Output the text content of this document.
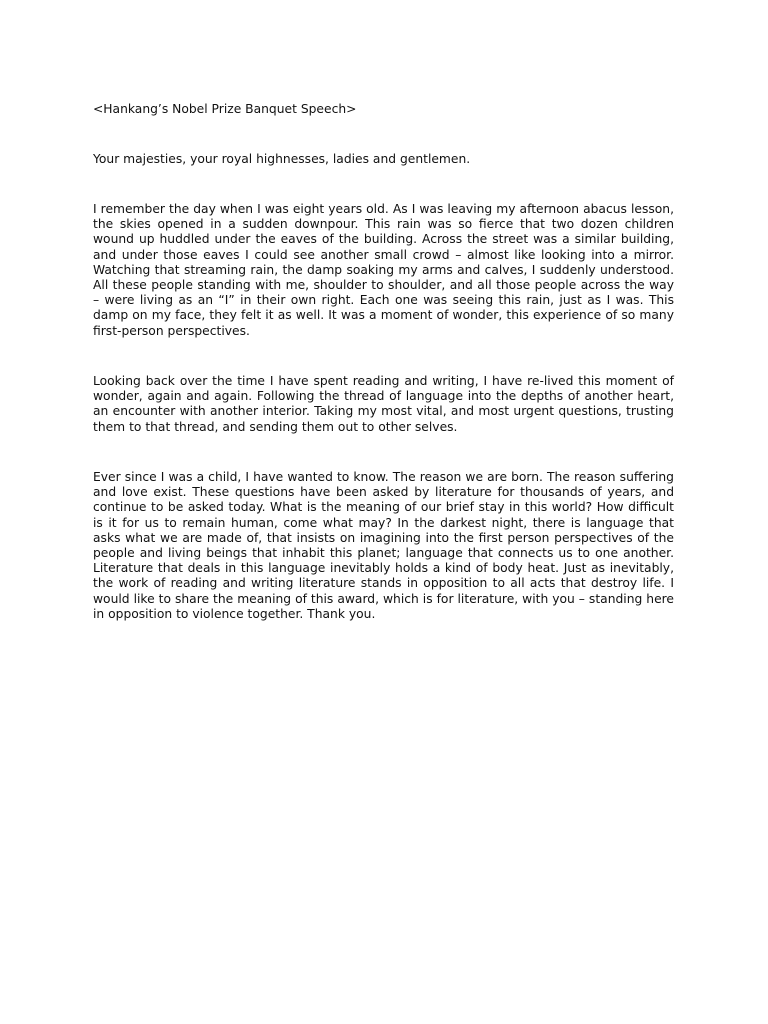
<Hankang’s Nobel Prize Banquet Speech>

Your majesties, your royal highnesses, ladies and gentlemen.

I remember the day when I was eight years old. As I was leaving my afternoon abacus lesson, the skies opened in a sudden downpour. This rain was so fierce that two dozen children wound up huddled under the eaves of the building. Across the street was a similar building, and under those eaves I could see another small crowd – almost like looking into a mirror. Watching that streaming rain, the damp soaking my arms and calves, I suddenly understood. All these people standing with me, shoulder to shoulder, and all those people across the way – were living as an “I” in their own right. Each one was seeing this rain, just as I was. This damp on my face, they felt it as well. It was a moment of wonder, this experience of so many first-person perspectives.

Looking back over the time I have spent reading and writing, I have re-lived this moment of wonder, again and again. Following the thread of language into the depths of another heart, an encounter with another interior. Taking my most vital, and most urgent questions, trusting them to that thread, and sending them out to other selves.

Ever since I was a child, I have wanted to know. The reason we are born. The reason suffering and love exist. These questions have been asked by literature for thousands of years, and continue to be asked today. What is the meaning of our brief stay in this world? How difficult is it for us to remain human, come what may? In the darkest night, there is language that asks what we are made of, that insists on imagining into the first person perspectives of the people and living beings that inhabit this planet; language that connects us to one another. Literature that deals in this language inevitably holds a kind of body heat. Just as inevitably, the work of reading and writing literature stands in opposition to all acts that destroy life. I would like to share the meaning of this award, which is for literature, with you – standing here in opposition to violence together. Thank you.
